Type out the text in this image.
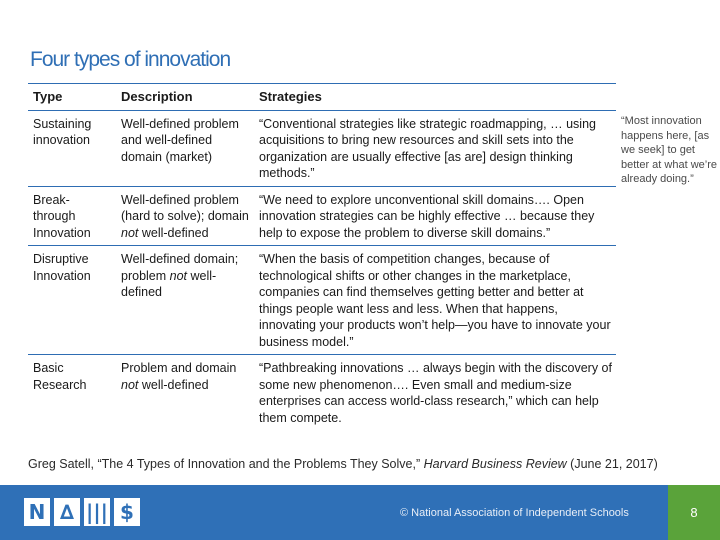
Four types of innovation
Type	Description	Strategies
Sustaining innovation	Well-defined problem and well-defined domain (market)	“Conventional strategies like strategic roadmapping, … using acquisitions to bring new resources and skill sets into the organization are usually effective [as are] design thinking methods.”
Break-through Innovation	Well-defined problem (hard to solve); domain not well-defined	“We need to explore unconventional skill domains…. Open innovation strategies can be highly effective … because they help to expose the problem to diverse skill domains.”
Disruptive Innovation	Well-defined domain; problem not well-defined	“When the basis of competition changes, because of technological shifts or other changes in the marketplace, companies can find themselves getting better and better at things people want less and less. When that happens, innovating your products won’t help—you have to innovate your business model.”
Basic Research	Problem and domain not well-defined	“Pathbreaking innovations … always begin with the discovery of some new phenomenon…. Even small and medium-size enterprises can access world-class research,” which can help them compete.
“Most innovation happens here, [as we seek] to get better at what we’re already doing.”
Greg Satell, “The 4 Types of Innovation and the Problems They Solve,” Harvard Business Review (June 21, 2017)
N ∆ ||| $	© National Association of Independent Schools	8
